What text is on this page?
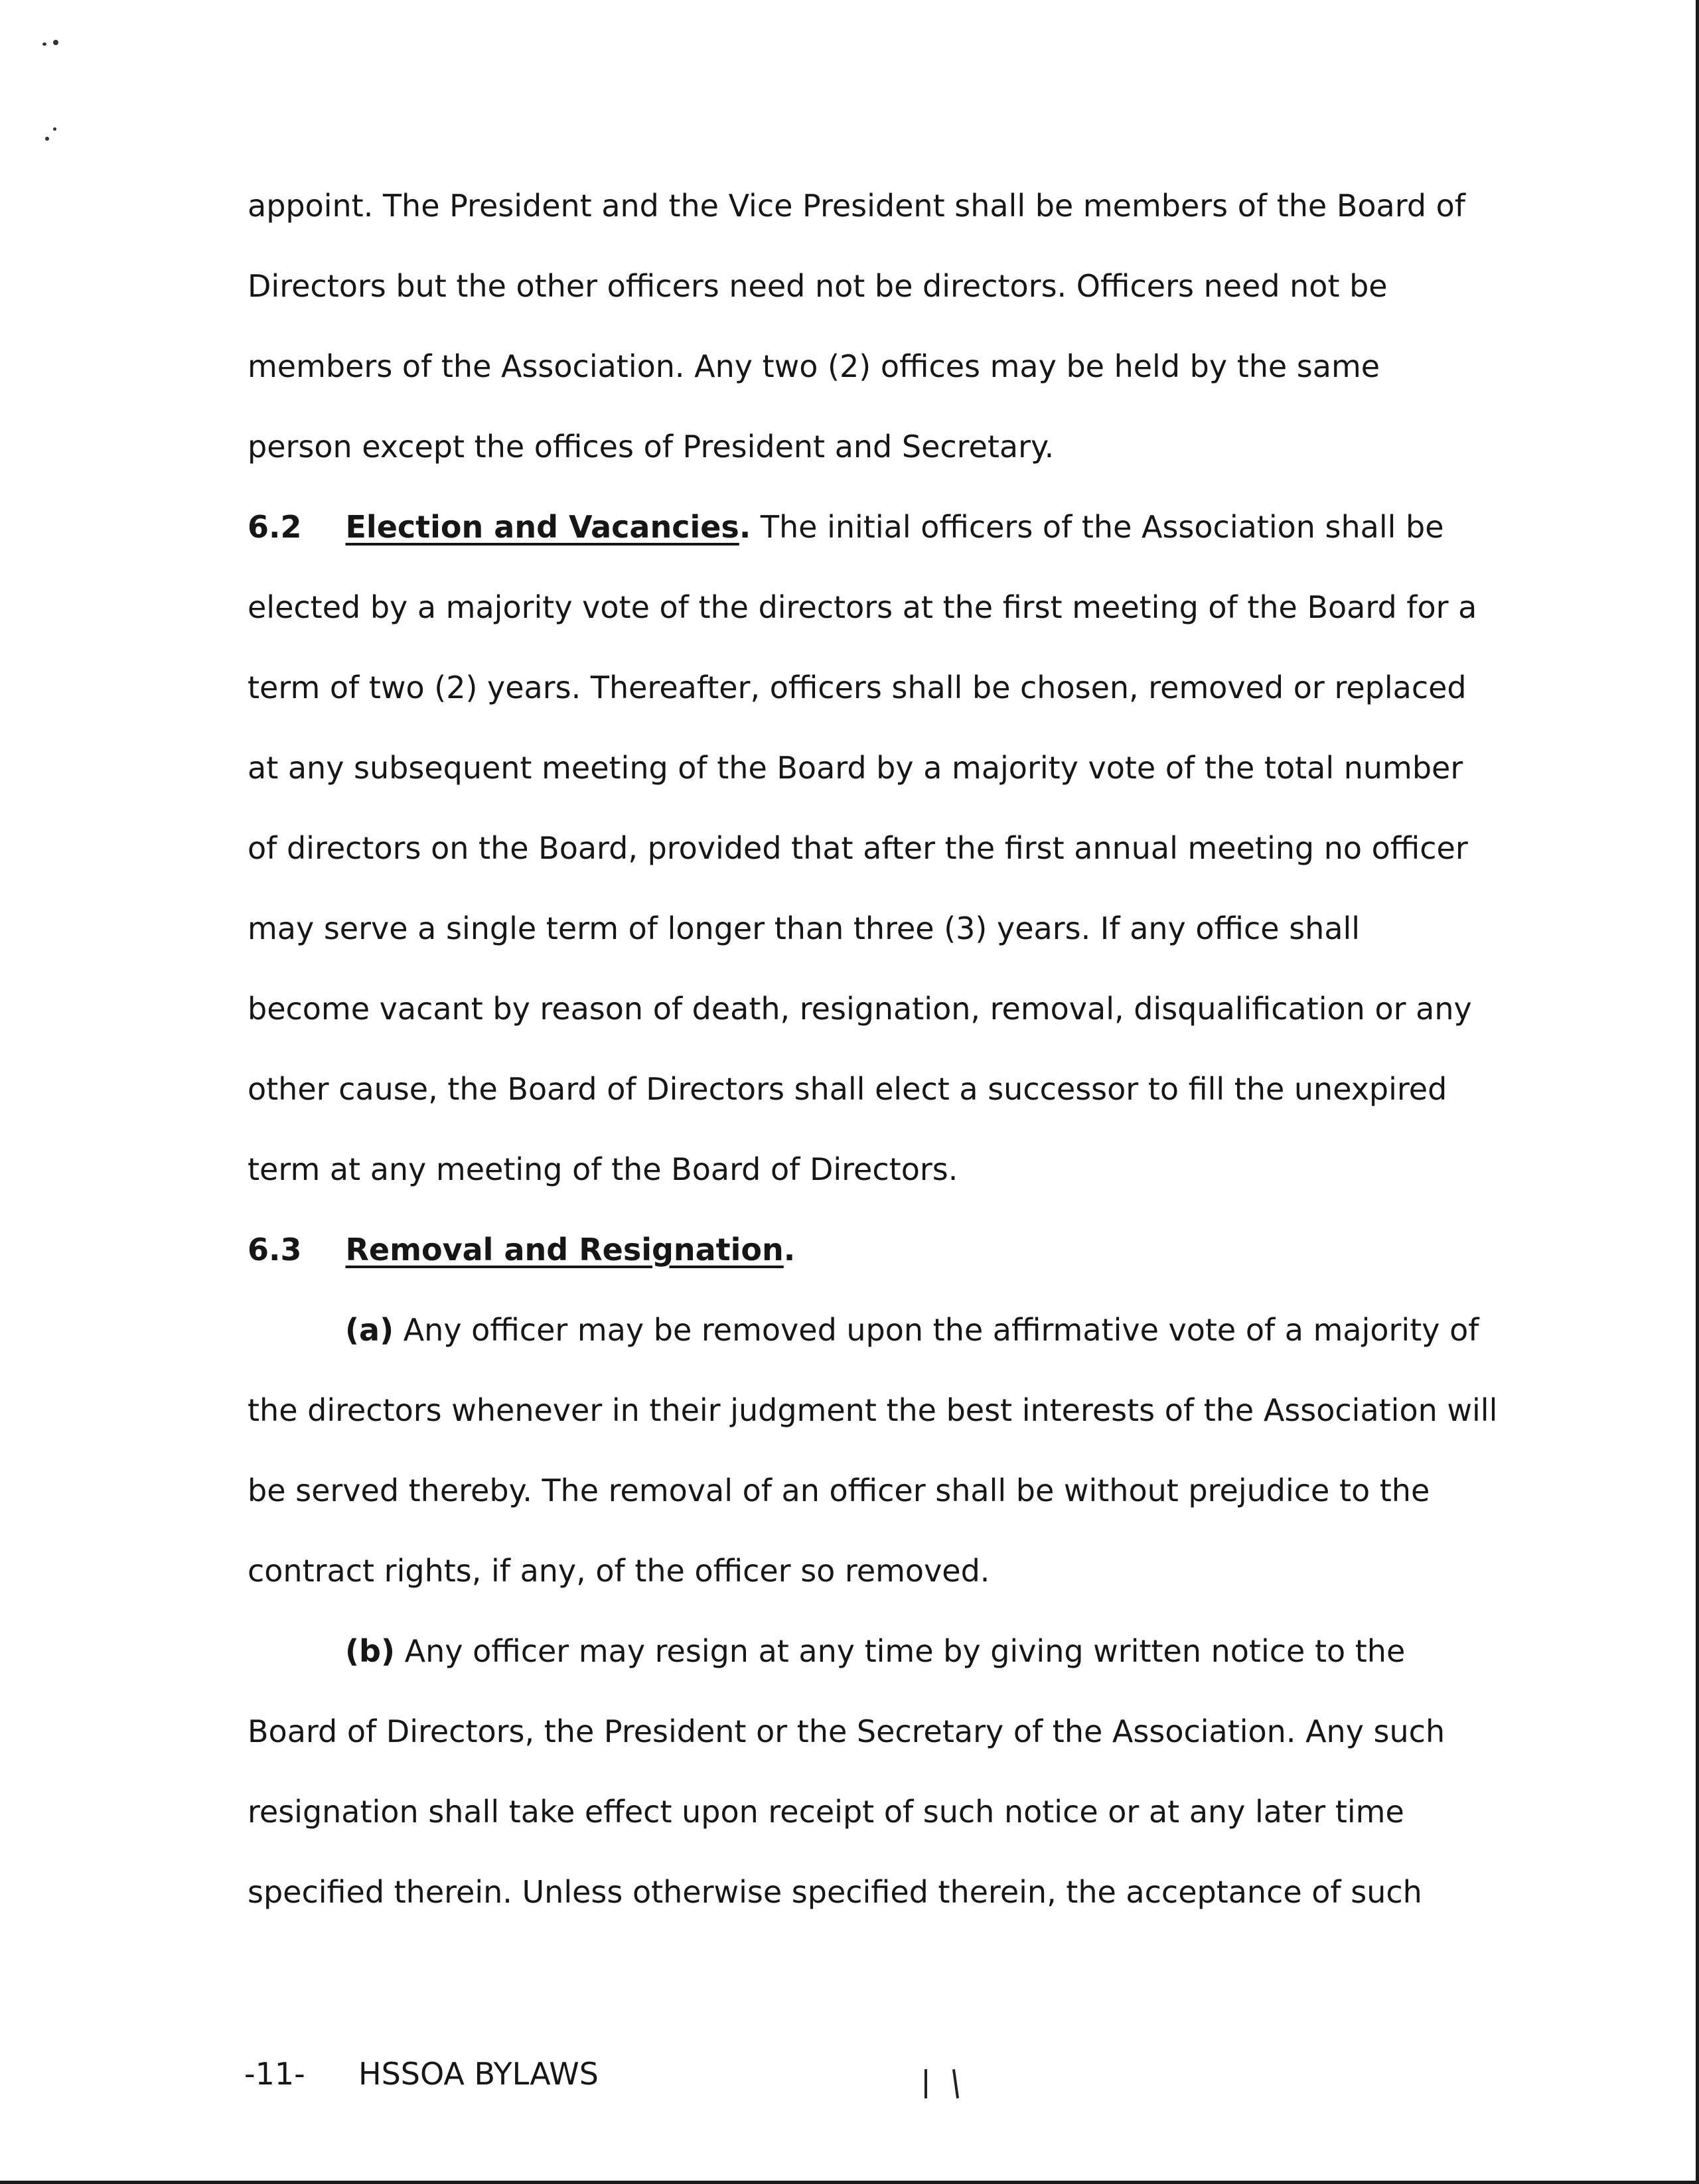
appoint. The President and the Vice President shall be members of the Board of
Directors but the other officers need not be directors. Officers need not be
members of the Association. Any two (2) offices may be held by the same
person except the offices of President and Secretary.
6.2 Election and Vacancies. The initial officers of the Association shall be
elected by a majority vote of the directors at the first meeting of the Board for a
term of two (2) years. Thereafter, officers shall be chosen, removed or replaced
at any subsequent meeting of the Board by a majority vote of the total number
of directors on the Board, provided that after the first annual meeting no officer
may serve a single term of longer than three (3) years. If any office shall
become vacant by reason of death, resignation, removal, disqualification or any
other cause, the Board of Directors shall elect a successor to fill the unexpired
term at any meeting of the Board of Directors.
6.3 Removal and Resignation.
(a) Any officer may be removed upon the affirmative vote of a majority of
the directors whenever in their judgment the best interests of the Association will
be served thereby. The removal of an officer shall be without prejudice to the
contract rights, if any, of the officer so removed.
(b) Any officer may resign at any time by giving written notice to the
Board of Directors, the President or the Secretary of the Association. Any such
resignation shall take effect upon receipt of such notice or at any later time
specified therein. Unless otherwise specified therein, the acceptance of such
-11- HSSOA BYLAWS
